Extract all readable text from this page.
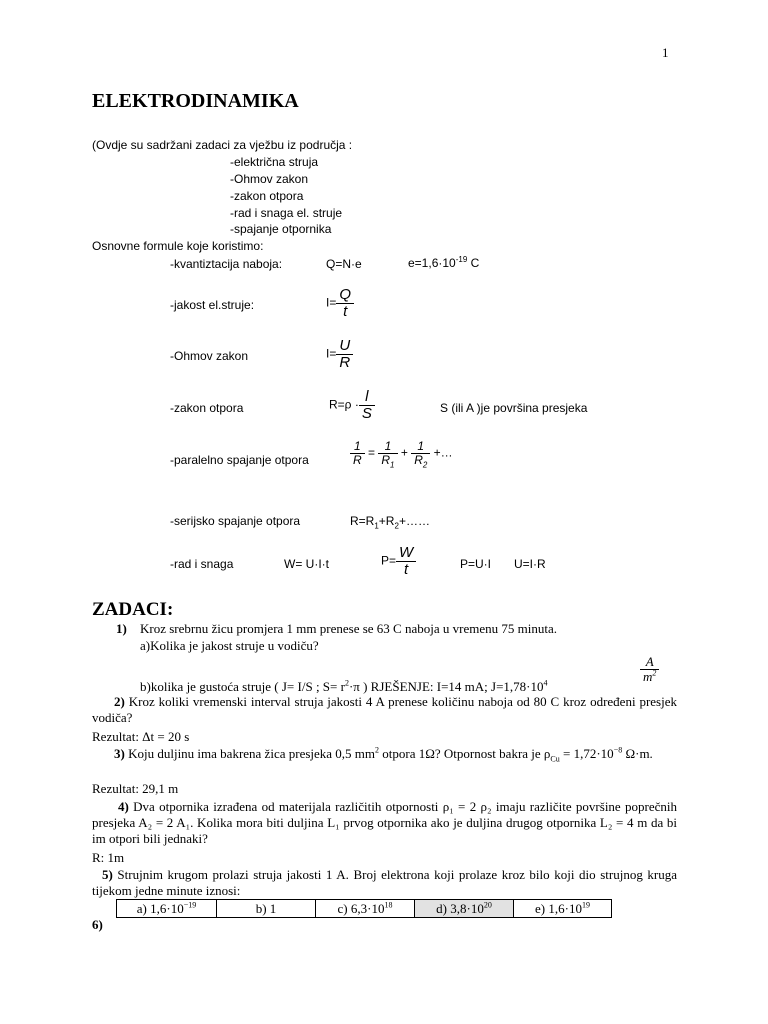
1
ELEKTRODINAMIKA
(Ovdje su sadržani zadaci za vježbu iz područja :
-električna struja
-Ohmov zakon
-zakon otpora
-rad i snaga el. struje
-spajanje otpornika
Osnovne formule koje koristimo:
-kvantiztacija naboja:	Q=N·e	$e=1,6\cdot 10^{-19}$ C
-jakost el.struje:	$I= \frac{Q}{t}$
-Ohmov zakon	$I= \frac{U}{R}$
-zakon otpora	$R=\rho \cdot \frac{l}{S}$	S (ili A )je površina presjeka
-paralelno spajanje otpora	$\frac{1}{R} = \frac{1}{R_1} + \frac{1}{R_2}$ +…
-serijsko spajanje otpora	$R=R_1+R_2+\dots\dots$
-rad i snaga	W= U·I·t	$P= \frac{W}{t}$	P=U·I U=I·R
ZADACI:
1) Kroz srebrnu žicu promjera 1 mm prenese se 63 C naboja u vremenu 75 minuta.
a)Kolika je jakost struje u vodiču?
b)kolika je gustoća struje ( J= I/S ; $S= r^2\cdot\pi$ ) RJEŠENJE: I=14 mA; $J=1,78\cdot 10^4$	$\frac{A}{m^2}$
2) Kroz koliki vremenski interval struja jakosti 4 A prenese količinu naboja od 80 C kroz određeni presjek vodiča?
Rezultat: Δt = 20 s
3) Koju duljinu ima bakrena žica presjeka 0,5 $mm^2$ otpora 1Ω? Otpornost bakra je $\rho_{Cu} = 1,72\cdot 10^{-8}$ Ω·m.
Rezultat: 29,1 m
4) Dva otpornika izrađena od materijala različitih otpornosti ρ₁ = 2 ρ₂ imaju različite površine poprečnih presjeka A₂ = 2 A₁. Kolika mora biti duljina L₁ prvog otpornika ako je duljina drugog otpornika L₂ = 4 m da bi im otpori bili jednaki?
R: 1m
5) Strujnim krugom prolazi struja jakosti 1 A. Broj elektrona koji prolaze kroz bilo koji dio strujnog kruga tijekom jedne minute iznosi:
a) $1,6\cdot 10^{-19}$	b) 1	c) $6,3\cdot 10^{18}$	d) $3,8\cdot 10^{20}$	e) $1,6\cdot 10^{19}$
6)
